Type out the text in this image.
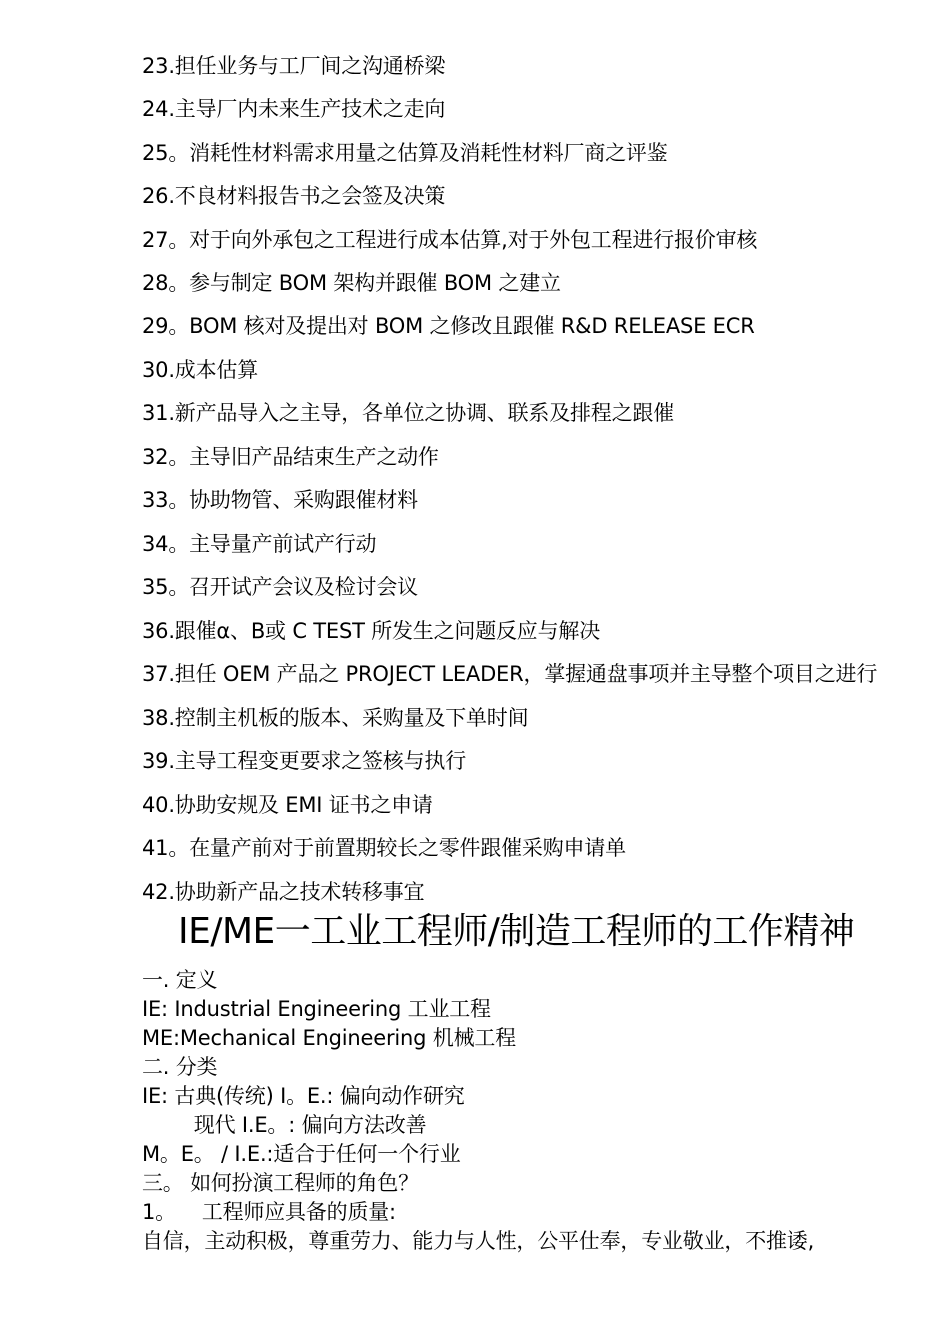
23.担任业务与工厂间之沟通桥梁
24.主导厂内未来生产技术之走向
25。消耗性材料需求用量之估算及消耗性材料厂商之评鉴
26.不良材料报告书之会签及决策
27。对于向外承包之工程进行成本估算,对于外包工程进行报价审核
28。参与制定 BOM 架构并跟催 BOM 之建立
29。BOM 核对及提出对 BOM 之修改且跟催 R&D RELEASE ECR
30.成本估算
31.新产品导入之主导，各单位之协调、联系及排程之跟催
32。主导旧产品结束生产之动作
33。协助物管、采购跟催材料
34。主导量产前试产行动
35。召开试产会议及检讨会议
36.跟催α、Β或 C TEST 所发生之问题反应与解决
37.担任 OEM 产品之 PROJECT LEADER，掌握通盘事项并主导整个项目之进行
38.控制主机板的版本、采购量及下单时间
39.主导工程变更要求之签核与执行
40.协助安规及 EMI 证书之申请
41。在量产前对于前置期较长之零件跟催采购申请单
42.协助新产品之技术转移事宜
IE/ME一工业工程师/制造工程师的工作精神
一. 定义
IE: Industrial Engineering 工业工程
ME:Mechanical Engineering 机械工程
二. 分类
IE: 古典(传统) I。E.: 偏向动作研究
现代 I.E。: 偏向方法改善
M。E。 / I.E.:适合于任何一个行业
三。 如何扮演工程师的角色？
1。    工程师应具备的质量:
自信，主动积极，尊重劳力、能力与人性，公平仕奉，专业敬业，不推诿,
